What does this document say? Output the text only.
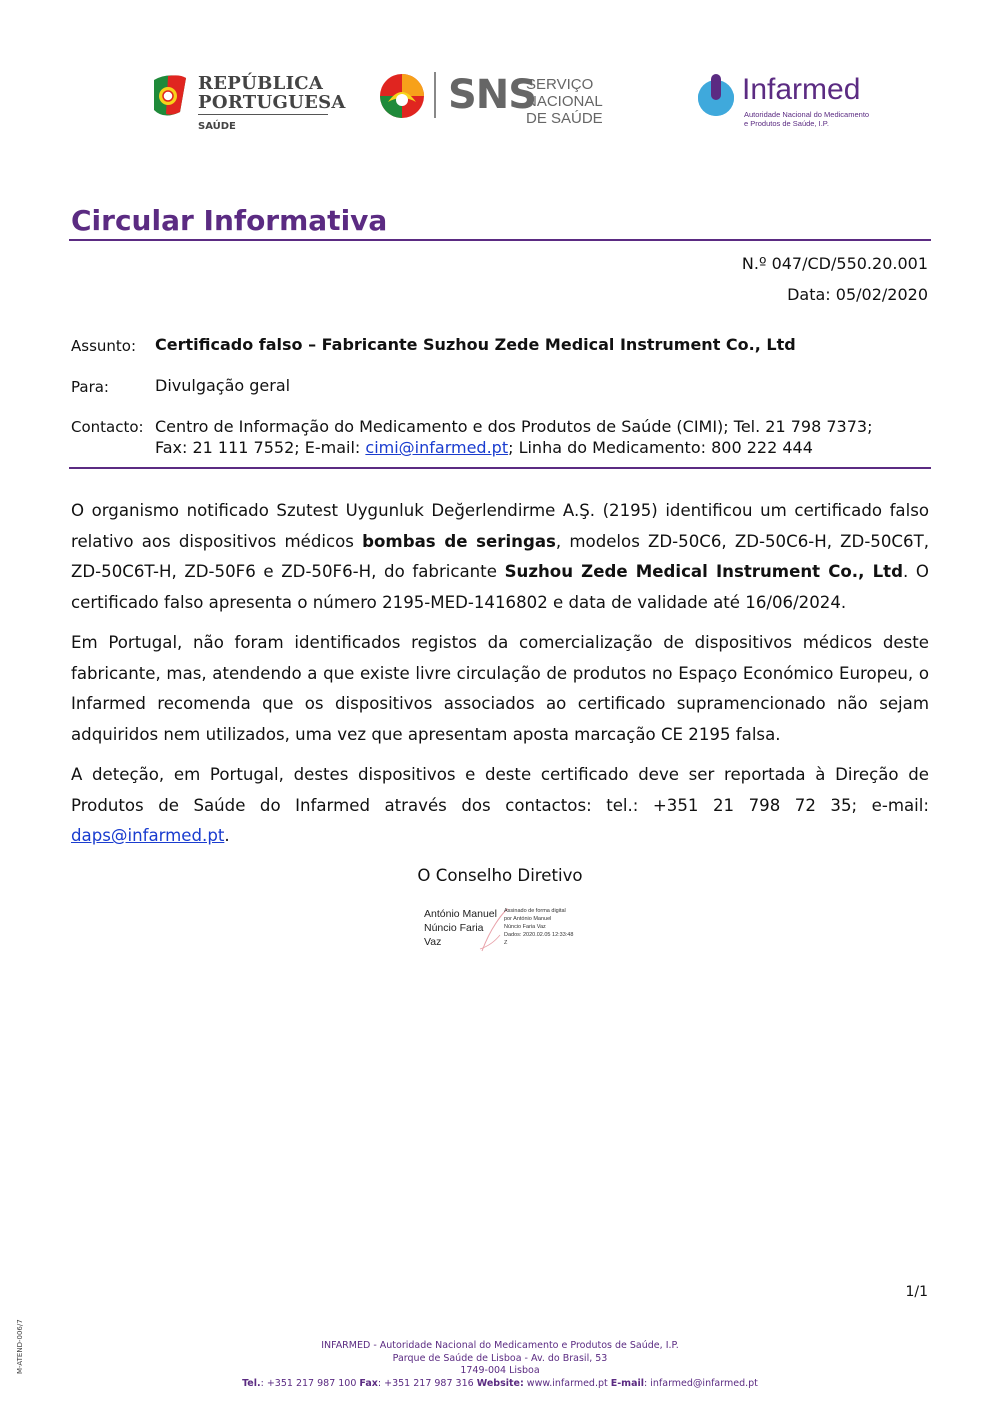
REPÚBLICA
PORTUGUESA
SAÚDE
SNS
SERVIÇO NACIONAL
DE SAÚDE
Infarmed
Autoridade Nacional do Medicamento
e Produtos de Saúde, I.P.
Circular Informativa
N.º 047/CD/550.20.001
Data: 05/02/2020
Assunto: Certificado falso – Fabricante Suzhou Zede Medical Instrument Co., Ltd
Para:	Divulgação geral
Contacto: Centro de Informação do Medicamento e dos Produtos de Saúde (CIMI); Tel. 21 798 7373;
Fax: 21 111 7552; E-mail: cimi@infarmed.pt; Linha do Medicamento: 800 222 444

O organismo notificado Szutest Uygunluk Değerlendirme A.Ş. (2195) identificou um certificado falso relativo aos dispositivos médicos bombas de seringas, modelos ZD-50C6, ZD-50C6-H, ZD-50C6T, ZD-50C6T-H, ZD-50F6 e ZD-50F6-H, do fabricante Suzhou Zede Medical Instrument Co., Ltd. O certificado falso apresenta o número 2195-MED-1416802 e data de validade até 16/06/2024.

Em Portugal, não foram identificados registos da comercialização de dispositivos médicos deste fabricante, mas, atendendo a que existe livre circulação de produtos no Espaço Económico Europeu, o Infarmed recomenda que os dispositivos associados ao certificado supramencionado não sejam adquiridos nem utilizados, uma vez que apresentam aposta marcação CE 2195 falsa.

A deteção, em Portugal, destes dispositivos e deste certificado deve ser reportada à Direção de Produtos de Saúde do Infarmed através dos contactos: tel.: +351 21 798 72 35; e-mail: daps@infarmed.pt.

O Conselho Diretivo
António Manuel
Núncio Faria
Vaz
Assinado de forma digital
por António Manuel
Núncio Faria Vaz
Dados: 2020.02.05 12:33:48
Z
1/1
M-ATEND-006/7	INFARMED - Autoridade Nacional do Medicamento e Produtos de Saúde, I.P.
Parque de Saúde de Lisboa - Av. do Brasil, 53
1749-004 Lisboa
Tel.: +351 217 987 100 Fax: +351 217 987 316 Website: www.infarmed.pt E-mail: infarmed@infarmed.pt
